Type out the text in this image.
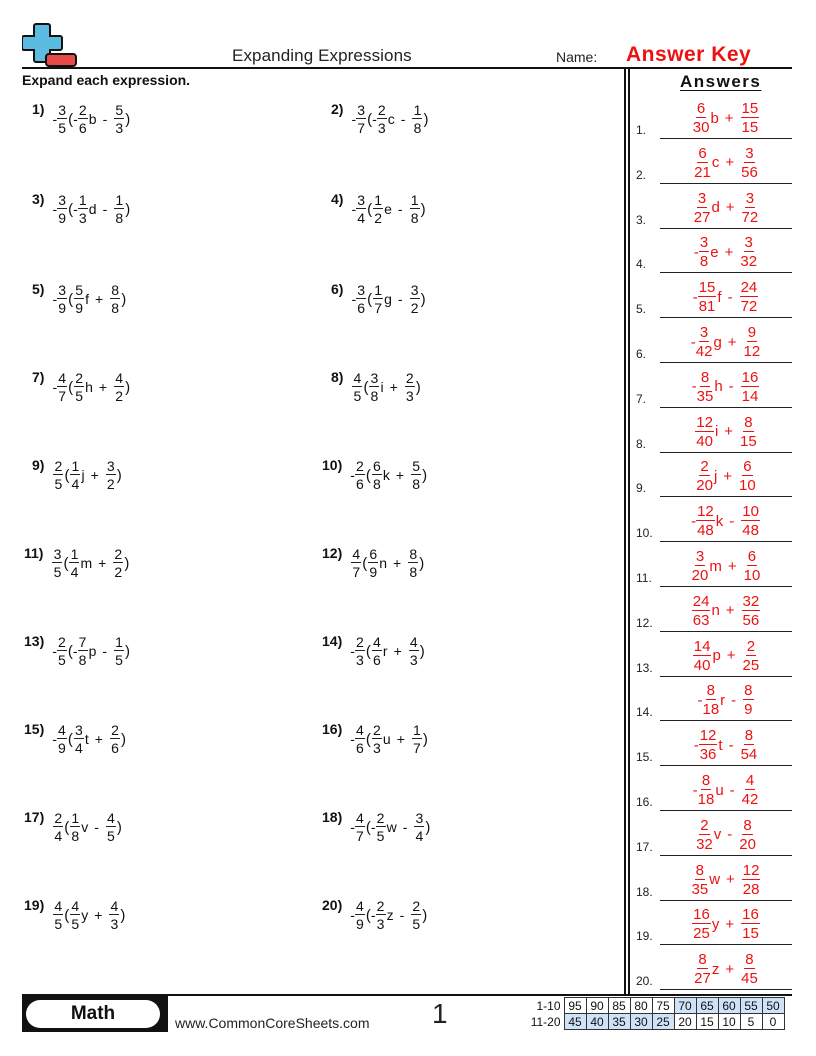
Expanding Expressions	Name: Answer Key
Expand each expression.
1)
- $\frac{3}{5}$ ( - $\frac{2}{6}$ b - $\frac{5}{3}$ )
2)
- $\frac{3}{7}$ ( - $\frac{2}{3}$ c - $\frac{1}{8}$ )
3)
- $\frac{3}{9}$ ( - $\frac{1}{3}$ d - $\frac{1}{8}$ )
4)
- $\frac{3}{4}$ ( $\frac{1}{2}$ e - $\frac{1}{8}$ )
5)
- $\frac{3}{9}$ ( $\frac{5}{9}$ $f + \frac{8}{8}$ )
6)
- $\frac{3}{6}$ ( $\frac{1}{7}$ g - $\frac{3}{2}$ )
7)
- $\frac{4}{7}$ ( $\frac{2}{5}$ $h + \frac{4}{2}$ )
$8) \frac{4}{5}$ ( $\frac{3}{8}$ $i + \frac{2}{3}$ )
$9) \frac{2}{5}$ ( $\frac{1}{4}$ $j + \frac{3}{2}$ )
10)
- $\frac{2}{6}$ ( $\frac{6}{8}$ $k + \frac{5}{8}$ )
$11) \frac{3}{5}$ ( $\frac{1}{4}$ $m + \frac{2}{2}$ )
$12) \frac{4}{7}$ ( $\frac{6}{9}$ $n + \frac{8}{8}$ )
13)
- $\frac{2}{5}$ ( - $\frac{7}{8}$ p - $\frac{1}{5}$ )
14)
- $\frac{2}{3}$ ( $\frac{4}{6}$ $r + \frac{4}{3}$ )
15)
- $\frac{4}{9}$ ( $\frac{3}{4}$ $t + \frac{2}{6}$ )
16)
- $\frac{4}{6}$ ( $\frac{2}{3}$ $u + \frac{1}{7}$ )
$17) \frac{2}{4}$ ( $\frac{1}{8}$ v - $\frac{4}{5}$ )
18)
- $\frac{4}{7}$ ( - $\frac{2}{5}$ w - $\frac{3}{4}$ )
$19) \frac{4}{5}$ ( $\frac{4}{5}$ $y + \frac{4}{3}$ )
20)
- $\frac{4}{9}$ ( - $\frac{2}{3}$ z - $\frac{2}{5}$ )
Answers
1.	$\frac{6}{30}$ $b + \frac{15}{15}$
2.	$\frac{6}{21}$ $c + \frac{3}{56}$
3.	$\frac{3}{27}$ $d + \frac{3}{72}$
4.
- $\frac{3}{8}$ $e + \frac{3}{32}$
5.
- $\frac{15}{81}$ f - $\frac{24}{72}$
6.
- $\frac{3}{42}$ $g + \frac{9}{12}$
7.
- $\frac{8}{35}$ h - $\frac{16}{14}$
8.	$\frac{12}{40}$ $i + \frac{8}{15}$
9.	$\frac{2}{20}$ $j + \frac{6}{10}$
10.
- $\frac{12}{48}$ k - $\frac{10}{48}$
11.	$\frac{3}{20}$ $m + \frac{6}{10}$
12.	$\frac{24}{63}$ $n + \frac{32}{56}$
13.	$\frac{14}{40}$ $p + \frac{2}{25}$
14.
- $\frac{8}{18}$ r - $\frac{8}{9}$
15.
- $\frac{12}{36}$ t - $\frac{8}{54}$
16.
- $\frac{8}{18}$ u - $\frac{4}{42}$
17.	$\frac{2}{32}$ v - $\frac{8}{20}$
18.	$\frac{8}{35}$ $w + \frac{12}{28}$
19.	$\frac{16}{25}$ $y + \frac{16}{15}$
20.	$\frac{8}{27}$ $z + \frac{8}{45}$
Math	www.CommonCoreSheets.com 1	1-10	95	90	85	80	75	70	65	60	55	50
11-20	45	40	35	30	25	20	15	10	5	0
